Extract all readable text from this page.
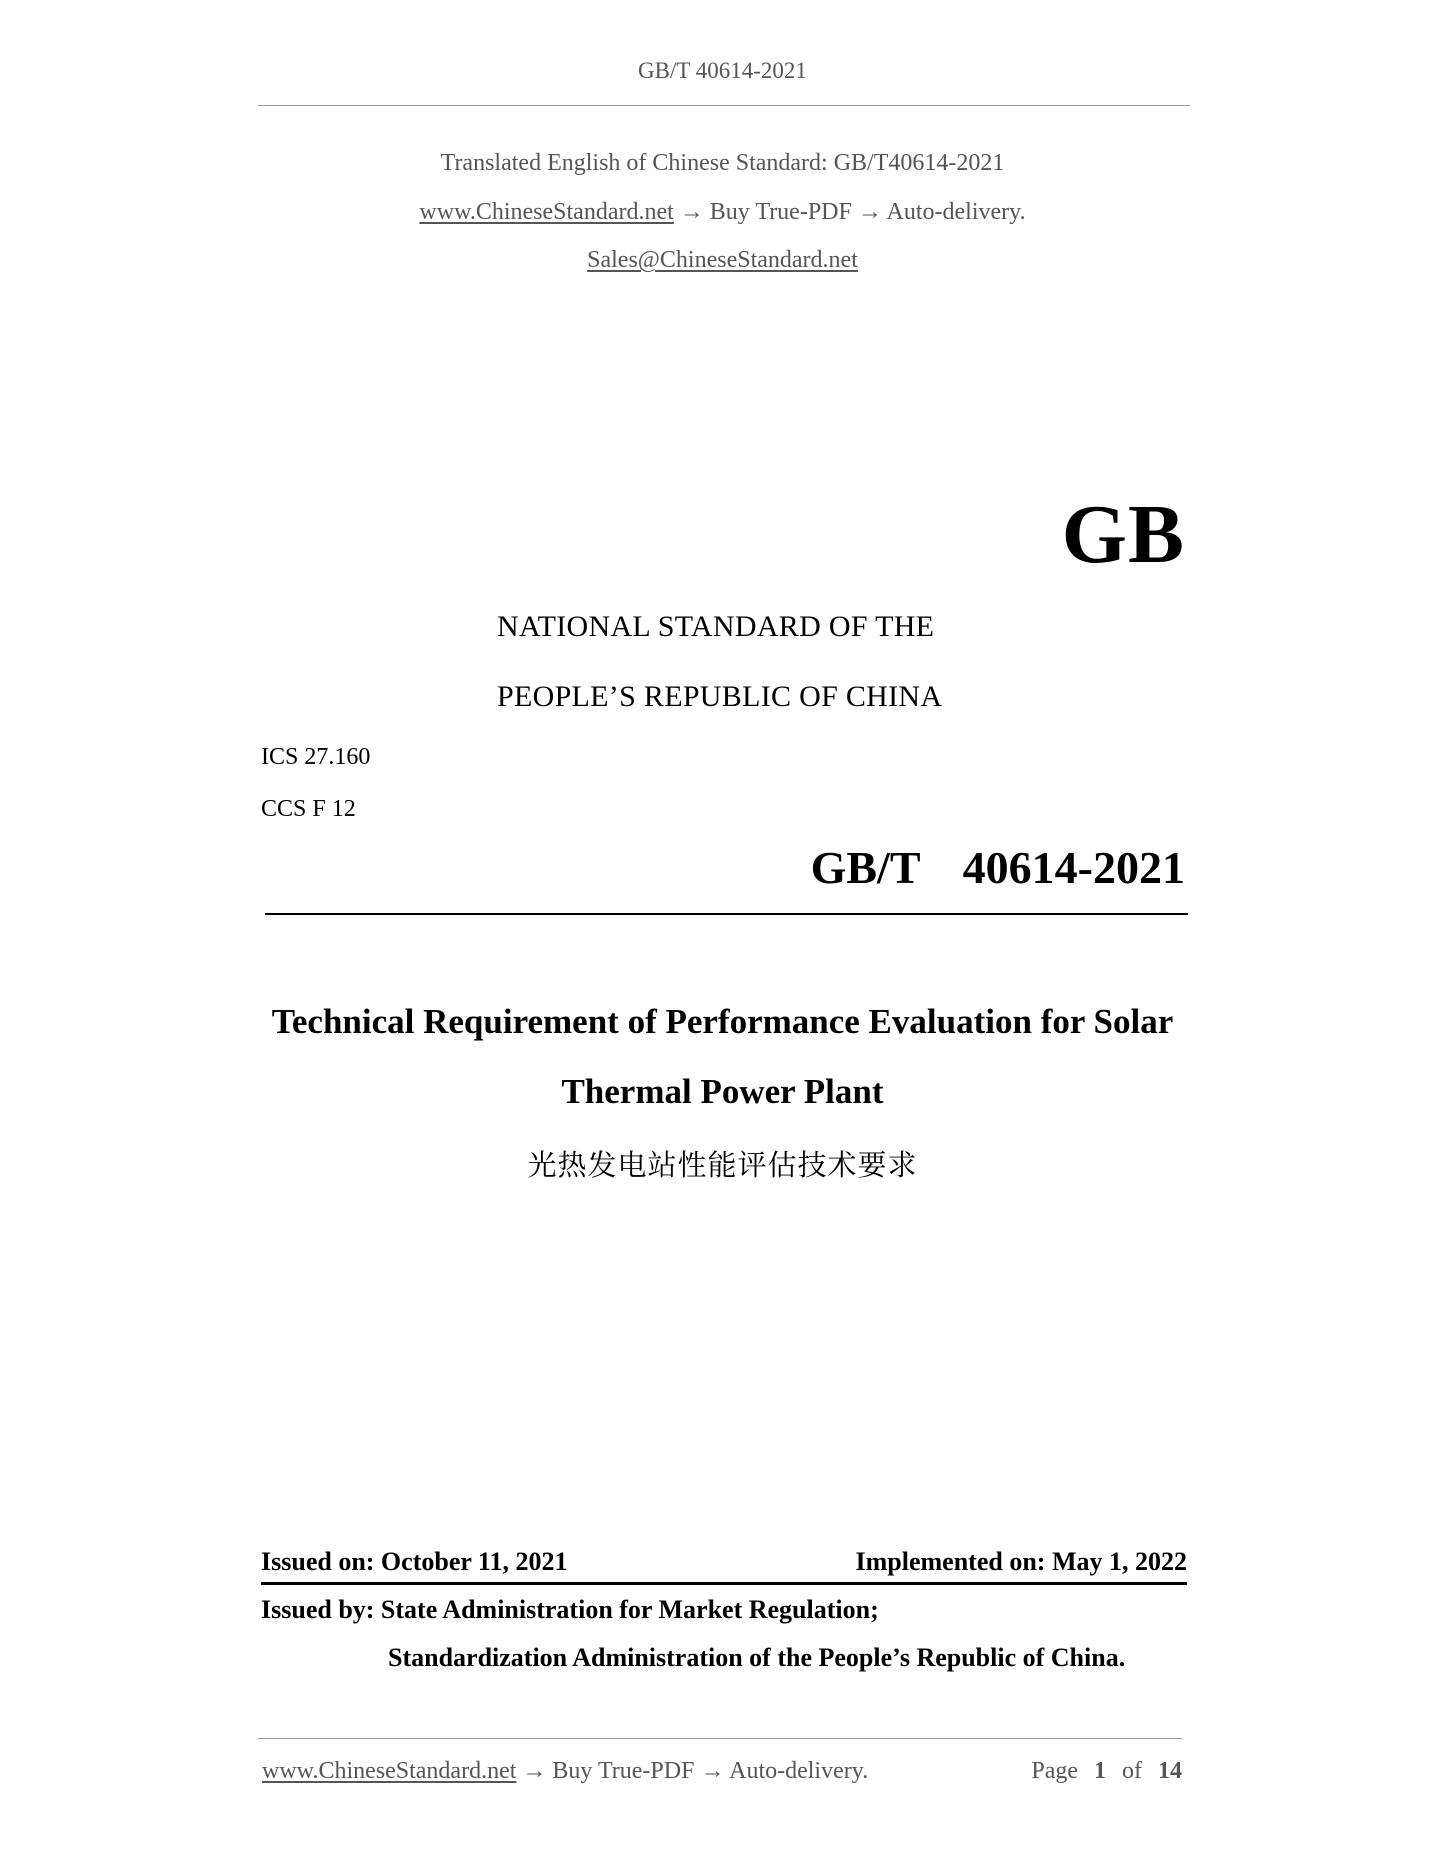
GB/T 40614-2021
Translated English of Chinese Standard: GB/T40614-2021
www.ChineseStandard.net → Buy True-PDF → Auto-delivery.
Sales@ChineseStandard.net
GB
NATIONAL STANDARD OF THE
PEOPLE’S REPUBLIC OF CHINA
ICS 27.160
CCS F 12
GB/T  40614-2021
Technical Requirement of Performance Evaluation for Solar
Thermal Power Plant
光热发电站性能评估技术要求
Issued on: October 11, 2021	Implemented on: May 1, 2022
Issued by: State Administration for Market Regulation;
Standardization Administration of the People’s Republic of China.
www.ChineseStandard.net → Buy True-PDF → Auto-delivery.	Page 1 of 14
